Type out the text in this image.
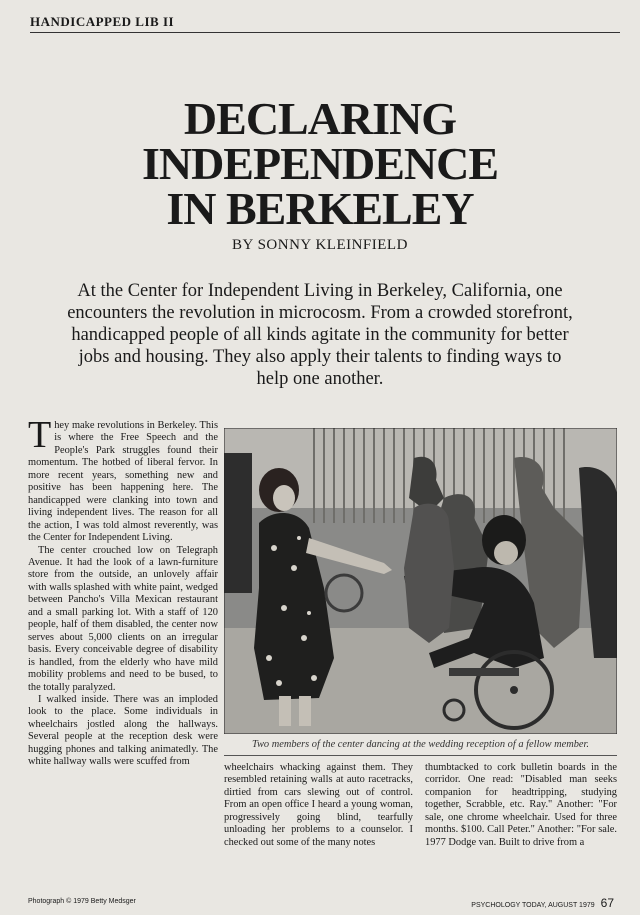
HANDICAPPED LIB II
DECLARING
INDEPENDENCE
IN BERKELEY
BY SONNY KLEINFIELD
At the Center for Independent Living in Berkeley, California, one encounters the revolution in microcosm. From a crowded storefront, handicapped people of all kinds agitate in the community for better jobs and housing. They also apply their talents to finding ways to help one another.

They make revolutions in Berkeley. This is where the Free Speech and the People's Park struggles found their momentum. The hotbed of liberal fervor. In more recent years, something new and positive has been happening here. The handicapped were clanking into town and living independent lives. The reason for all the action, I was told almost reverently, was the Center for Independent Living.

The center crouched low on Telegraph Avenue. It had the look of a lawn-furniture store from the outside, an unlovely affair with walls splashed with white paint, wedged between Pancho's Villa Mexican restaurant and a small parking lot. With a staff of 120 people, half of them disabled, the center now serves about 5,000 clients on an irregular basis. Every conceivable degree of disability is handled, from the elderly who have mild mobility problems and need to be bused, to the totally paralyzed.

I walked inside. There was an imploded look to the place. Some individuals in wheelchairs jostled along the hallways. Several people at the reception desk were hugging phones and talking animatedly. The white hallway walls were scuffed from

Two members of the center dancing at the wedding reception of a fellow member.

wheelchairs whacking against them. They resembled retaining walls at auto racetracks, dirtied from cars slewing out of control. From an open office I heard a young woman, progressively going blind, tearfully unloading her problems to a counselor. I checked out some of the many notes

thumbtacked to cork bulletin boards in the corridor. One read: "Disabled man seeks companion for headtripping, studying together, Scrabble, etc. Ray." Another: "For sale, one chrome wheelchair. Used for three months. $100. Call Peter." Another: "For sale. 1977 Dodge van. Built to drive from a

Photograph © 1979 Betty Medsger
PSYCHOLOGY TODAY, AUGUST 1979 67
